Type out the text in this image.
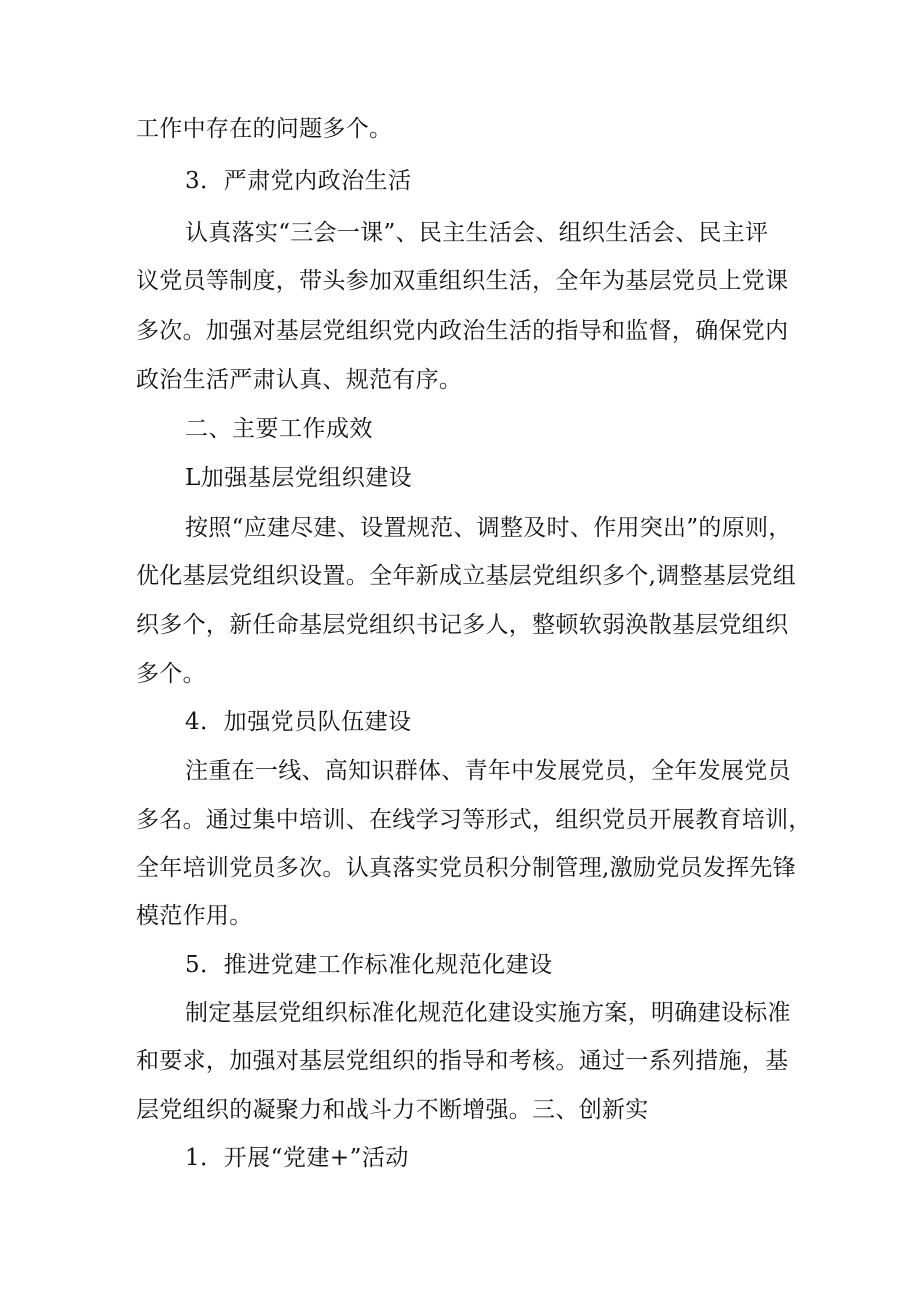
工作中存在的问题多个。
3．严肃党内政治生活
认真落实“三会一课”、民主生活会、组织生活会、民主评
议党员等制度，带头参加双重组织生活，全年为基层党员上党课
多次。加强对基层党组织党内政治生活的指导和监督，确保党内
政治生活严肃认真、规范有序。
二、主要工作成效
L加强基层党组织建设
按照“应建尽建、设置规范、调整及时、作用突出”的原则，
优化基层党组织设置。全年新成立基层党组织多个,调整基层党组
织多个，新任命基层党组织书记多人，整顿软弱涣散基层党组织
多个。
4．加强党员队伍建设
注重在一线、高知识群体、青年中发展党员，全年发展党员
多名。通过集中培训、在线学习等形式，组织党员开展教育培训，
全年培训党员多次。认真落实党员积分制管理,激励党员发挥先锋
模范作用。
5．推进党建工作标准化规范化建设
制定基层党组织标准化规范化建设实施方案，明确建设标准
和要求，加强对基层党组织的指导和考核。通过一系列措施，基
层党组织的凝聚力和战斗力不断增强。三、创新实
1．开展“党建+”活动
